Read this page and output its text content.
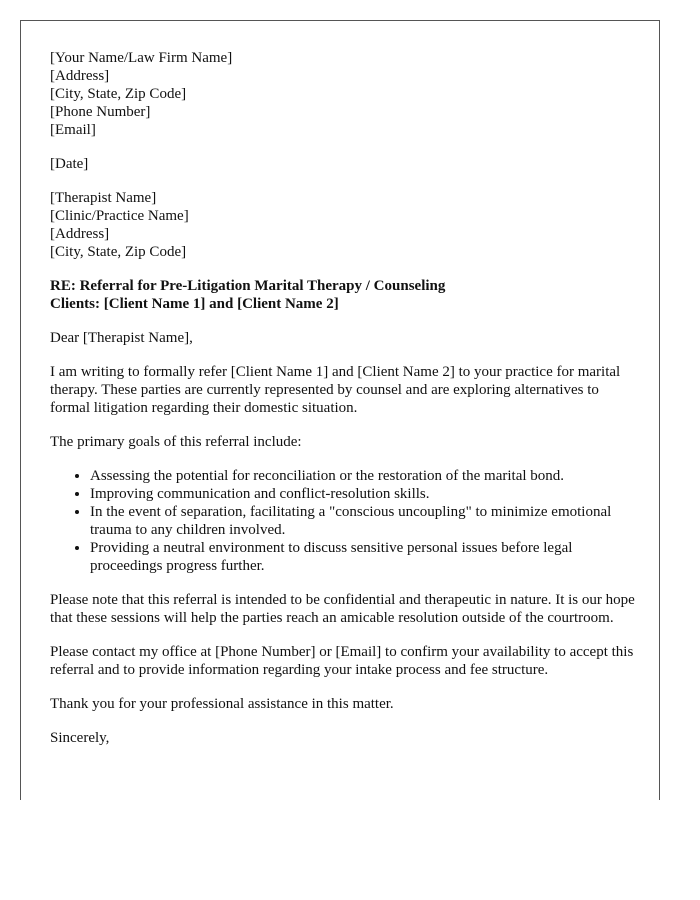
[Your Name/Law Firm Name]
[Address]
[City, State, Zip Code]
[Phone Number]
[Email]
[Date]
[Therapist Name]
[Clinic/Practice Name]
[Address]
[City, State, Zip Code]
RE: Referral for Pre-Litigation Marital Therapy / Counseling
Clients: [Client Name 1] and [Client Name 2]

Dear [Therapist Name],

I am writing to formally refer [Client Name 1] and [Client Name 2] to your practice for marital therapy. These parties are currently represented by counsel and are exploring alternatives to formal litigation regarding their domestic situation.

The primary goals of this referral include:

• Assessing the potential for reconciliation or the restoration of the marital bond.
• Improving communication and conflict-resolution skills.
• In the event of separation, facilitating a "conscious uncoupling" to minimize emotional trauma to any children involved.
• Providing a neutral environment to discuss sensitive personal issues before legal proceedings progress further.

Please note that this referral is intended to be confidential and therapeutic in nature. It is our hope that these sessions will help the parties reach an amicable resolution outside of the courtroom.

Please contact my office at [Phone Number] or [Email] to confirm your availability to accept this referral and to provide information regarding your intake process and fee structure.

Thank you for your professional assistance in this matter.

Sincerely,
